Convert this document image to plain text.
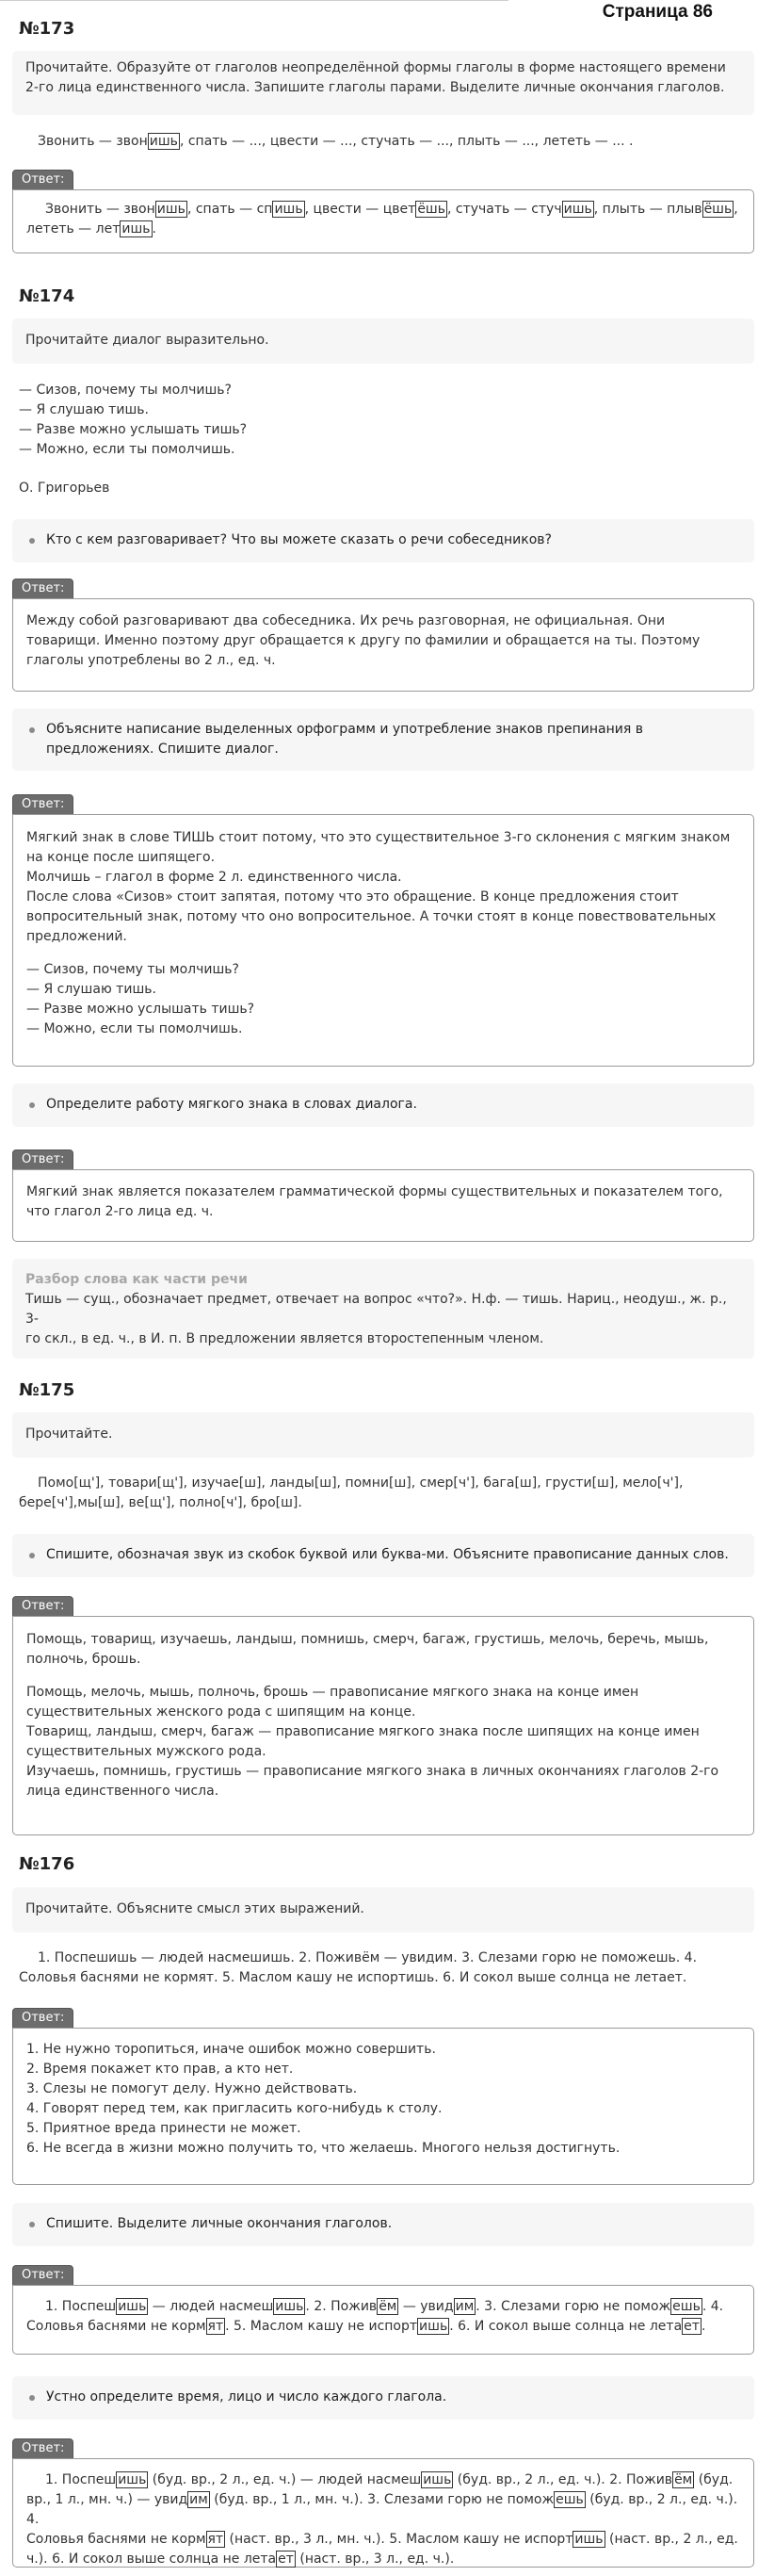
Страница 86
№173

Прочитайте. Образуйте от глаголов неопределённой формы глаголы в форме настоящего времени 2-го лица единственного числа. Запишите глаголы парами. Выделите личные окончания глаголов.

Звонить — звон ишь , спать — ..., цвести — ..., стучать — ..., плыть — ..., лететь — ... .
Ответ:
Звонить — звон ишь , спать — сп ишь , цвести — цвет ёшь , стучать — стуч ишь , плыть — плыв ёшь ,
лететь — лет ишь .
№174

Прочитайте диалог выразительно.

— Сизов, почему ты молчишь?
— Я слушаю тишь.
— Разве можно услышать тишь?
— Можно, если ты помолчишь.
О. Григорьев
Кто с кем разговаривает? Что вы можете сказать о речи собеседников?
Ответ:
Между собой разговаривают два собеседника. Их речь разговорная, не официальная. Они
товарищи. Именно поэтому друг обращается к другу по фамилии и обращается на ты. Поэтому
глаголы употреблены во 2 л., ед. ч.
Объясните написание выделенных орфограмм и употребление знаков препинания в
предложениях. Спишите диалог.
Ответ:
Мягкий знак в слове ТИШЬ стоит потому, что это существительное 3-го склонения с мягким знаком
на конце после шипящего.
Молчишь – глагол в форме 2 л. единственного числа.
После слова «Сизов» стоит запятая, потому что это обращение. В конце предложения стоит
вопросительный знак, потому что оно вопросительное. А точки стоят в конце повествовательных
предложений.
— Сизов, почему ты молчишь?
— Я слушаю тишь.
— Разве можно услышать тишь?
— Можно, если ты помолчишь.
Определите работу мягкого знака в словах диалога.
Ответ:
Мягкий знак является показателем грамматической формы существительных и показателем того,
что глагол 2-го лица ед. ч.

Разбор слова как части речи

Тишь — сущ., обозначает предмет, отвечает на вопрос «что?». Н.ф. — тишь. Нариц., неодуш., ж. р., 3-

го скл., в ед. ч., в И. п. В предложении является второстепенным членом.

№175

Прочитайте.

Помо[щ'], товари[щ'], изучае[ш], ланды[ш], помни[ш], смер[ч'], бага[ш], грусти[ш], мело[ч'],
бере[ч'],мы[ш], ве[щ'], полно[ч'], бро[ш].
Спишите, обозначая звук из скобок буквой или буква-ми. Объясните правописание данных слов.
Ответ:
Помощь, товарищ, изучаешь, ландыш, помнишь, смерч, багаж, грустишь, мелочь, беречь, мышь,
полночь, брошь.
Помощь, мелочь, мышь, полночь, брошь — правописание мягкого знака на конце имен
существительных женского рода с шипящим на конце.
Товарищ, ландыш, смерч, багаж — правописание мягкого знака после шипящих на конце имен
существительных мужского рода.
Изучаешь, помнишь, грустишь — правописание мягкого знака в личных окончаниях глаголов 2-го
лица единственного числа.
№176

Прочитайте. Объясните смысл этих выражений.

1. Поспешишь — людей насмешишь. 2. Поживём — увидим. 3. Слезами горю не поможешь. 4.
Соловья баснями не кормят. 5. Маслом кашу не испортишь. 6. И сокол выше солнца не летает.
Ответ:
1. Не нужно торопиться, иначе ошибок можно совершить.
2. Время покажет кто прав, а кто нет.
3. Слезы не помогут делу. Нужно действовать.
4. Говорят перед тем, как пригласить кого-нибудь к столу.
5. Приятное вреда принести не может.
6. Не всегда в жизни можно получить то, что желаешь. Многого нельзя достигнуть.
Спишите. Выделите личные окончания глаголов.
Ответ:
1. Поспеш ишь — людей насмеш ишь . 2. Пожив ём — увид им . 3. Слезами горю не помож ешь . 4.
Соловья баснями не корм ят . 5. Маслом кашу не испорт ишь . 6. И сокол выше солнца не лета ет .
Устно определите время, лицо и число каждого глагола.
Ответ:
1. Поспеш ишь (буд. вр., 2 л., ед. ч.) — людей насмеш ишь (буд. вр., 2 л., ед. ч.). 2. Пожив ём (буд.
вр., 1 л., мн. ч.) — увид им (буд. вр., 1 л., мн. ч.). 3. Слезами горю не помож ешь (буд. вр., 2 л., ед. ч.). 4.
Соловья баснями не корм ят (наст. вр., 3 л., мн. ч.). 5. Маслом кашу не испорт ишь (наст. вр., 2 л., ед.
ч.). 6. И сокол выше солнца не лета ет (наст. вр., 3 л., ед. ч.).
